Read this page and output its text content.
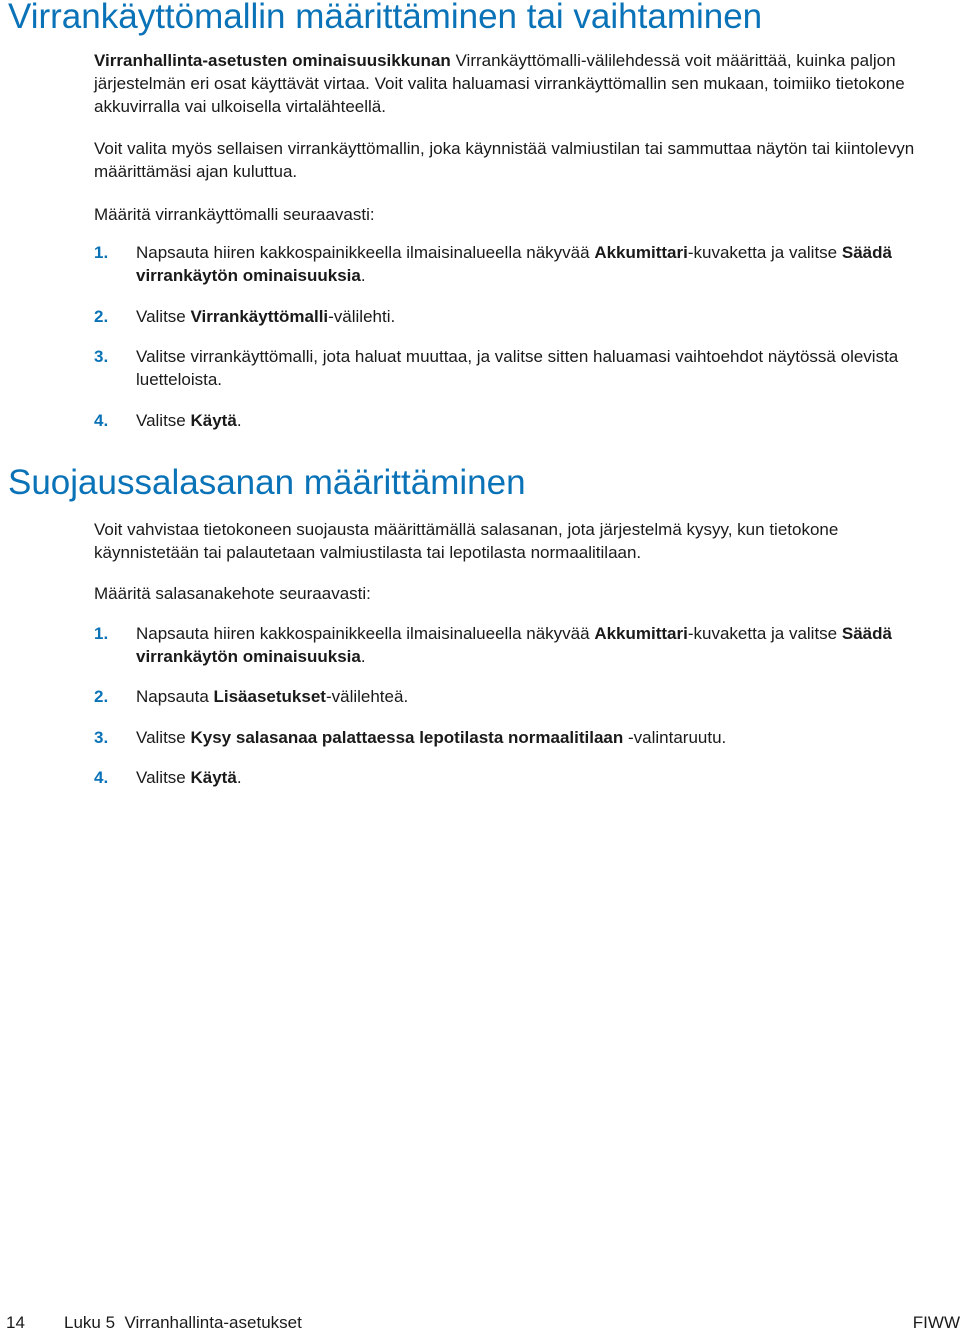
Virrankäyttömallin määrittäminen tai vaihtaminen

Virranhallinta-asetusten ominaisuusikkunan Virrankäyttömalli-välilehdessä voit määrittää, kuinka paljon järjestelmän eri osat käyttävät virtaa. Voit valita haluamasi virrankäyttömallin sen mukaan, toimiiko tietokone akkuvirralla vai ulkoisella virtalähteellä.

Voit valita myös sellaisen virrankäyttömallin, joka käynnistää valmiustilan tai sammuttaa näytön tai kiintolevyn määrittämäsi ajan kuluttua.

Määritä virrankäyttömalli seuraavasti:

1. Napsauta hiiren kakkospainikkeella ilmaisinalueella näkyvää Akkumittari-kuvaketta ja valitse Säädä virrankäytön ominaisuuksia.
2. Valitse Virrankäyttömalli-välilehti.
3. Valitse virrankäyttömalli, jota haluat muuttaa, ja valitse sitten haluamasi vaihtoehdot näytössä olevista luetteloista.
4. Valitse Käytä.
Suojaussalasanan määrittäminen

Voit vahvistaa tietokoneen suojausta määrittämällä salasanan, jota järjestelmä kysyy, kun tietokone käynnistetään tai palautetaan valmiustilasta tai lepotilasta normaalitilaan.

Määritä salasanakehote seuraavasti:

1. Napsauta hiiren kakkospainikkeella ilmaisinalueella näkyvää Akkumittari-kuvaketta ja valitse Säädä virrankäytön ominaisuuksia.
2. Napsauta Lisäasetukset-välilehteä.
3. Valitse Kysy salasanaa palattaessa lepotilasta normaalitilaan -valintaruutu.
4. Valitse Käytä.
14 Luku 5  Virranhallinta-asetukset	FIWW
